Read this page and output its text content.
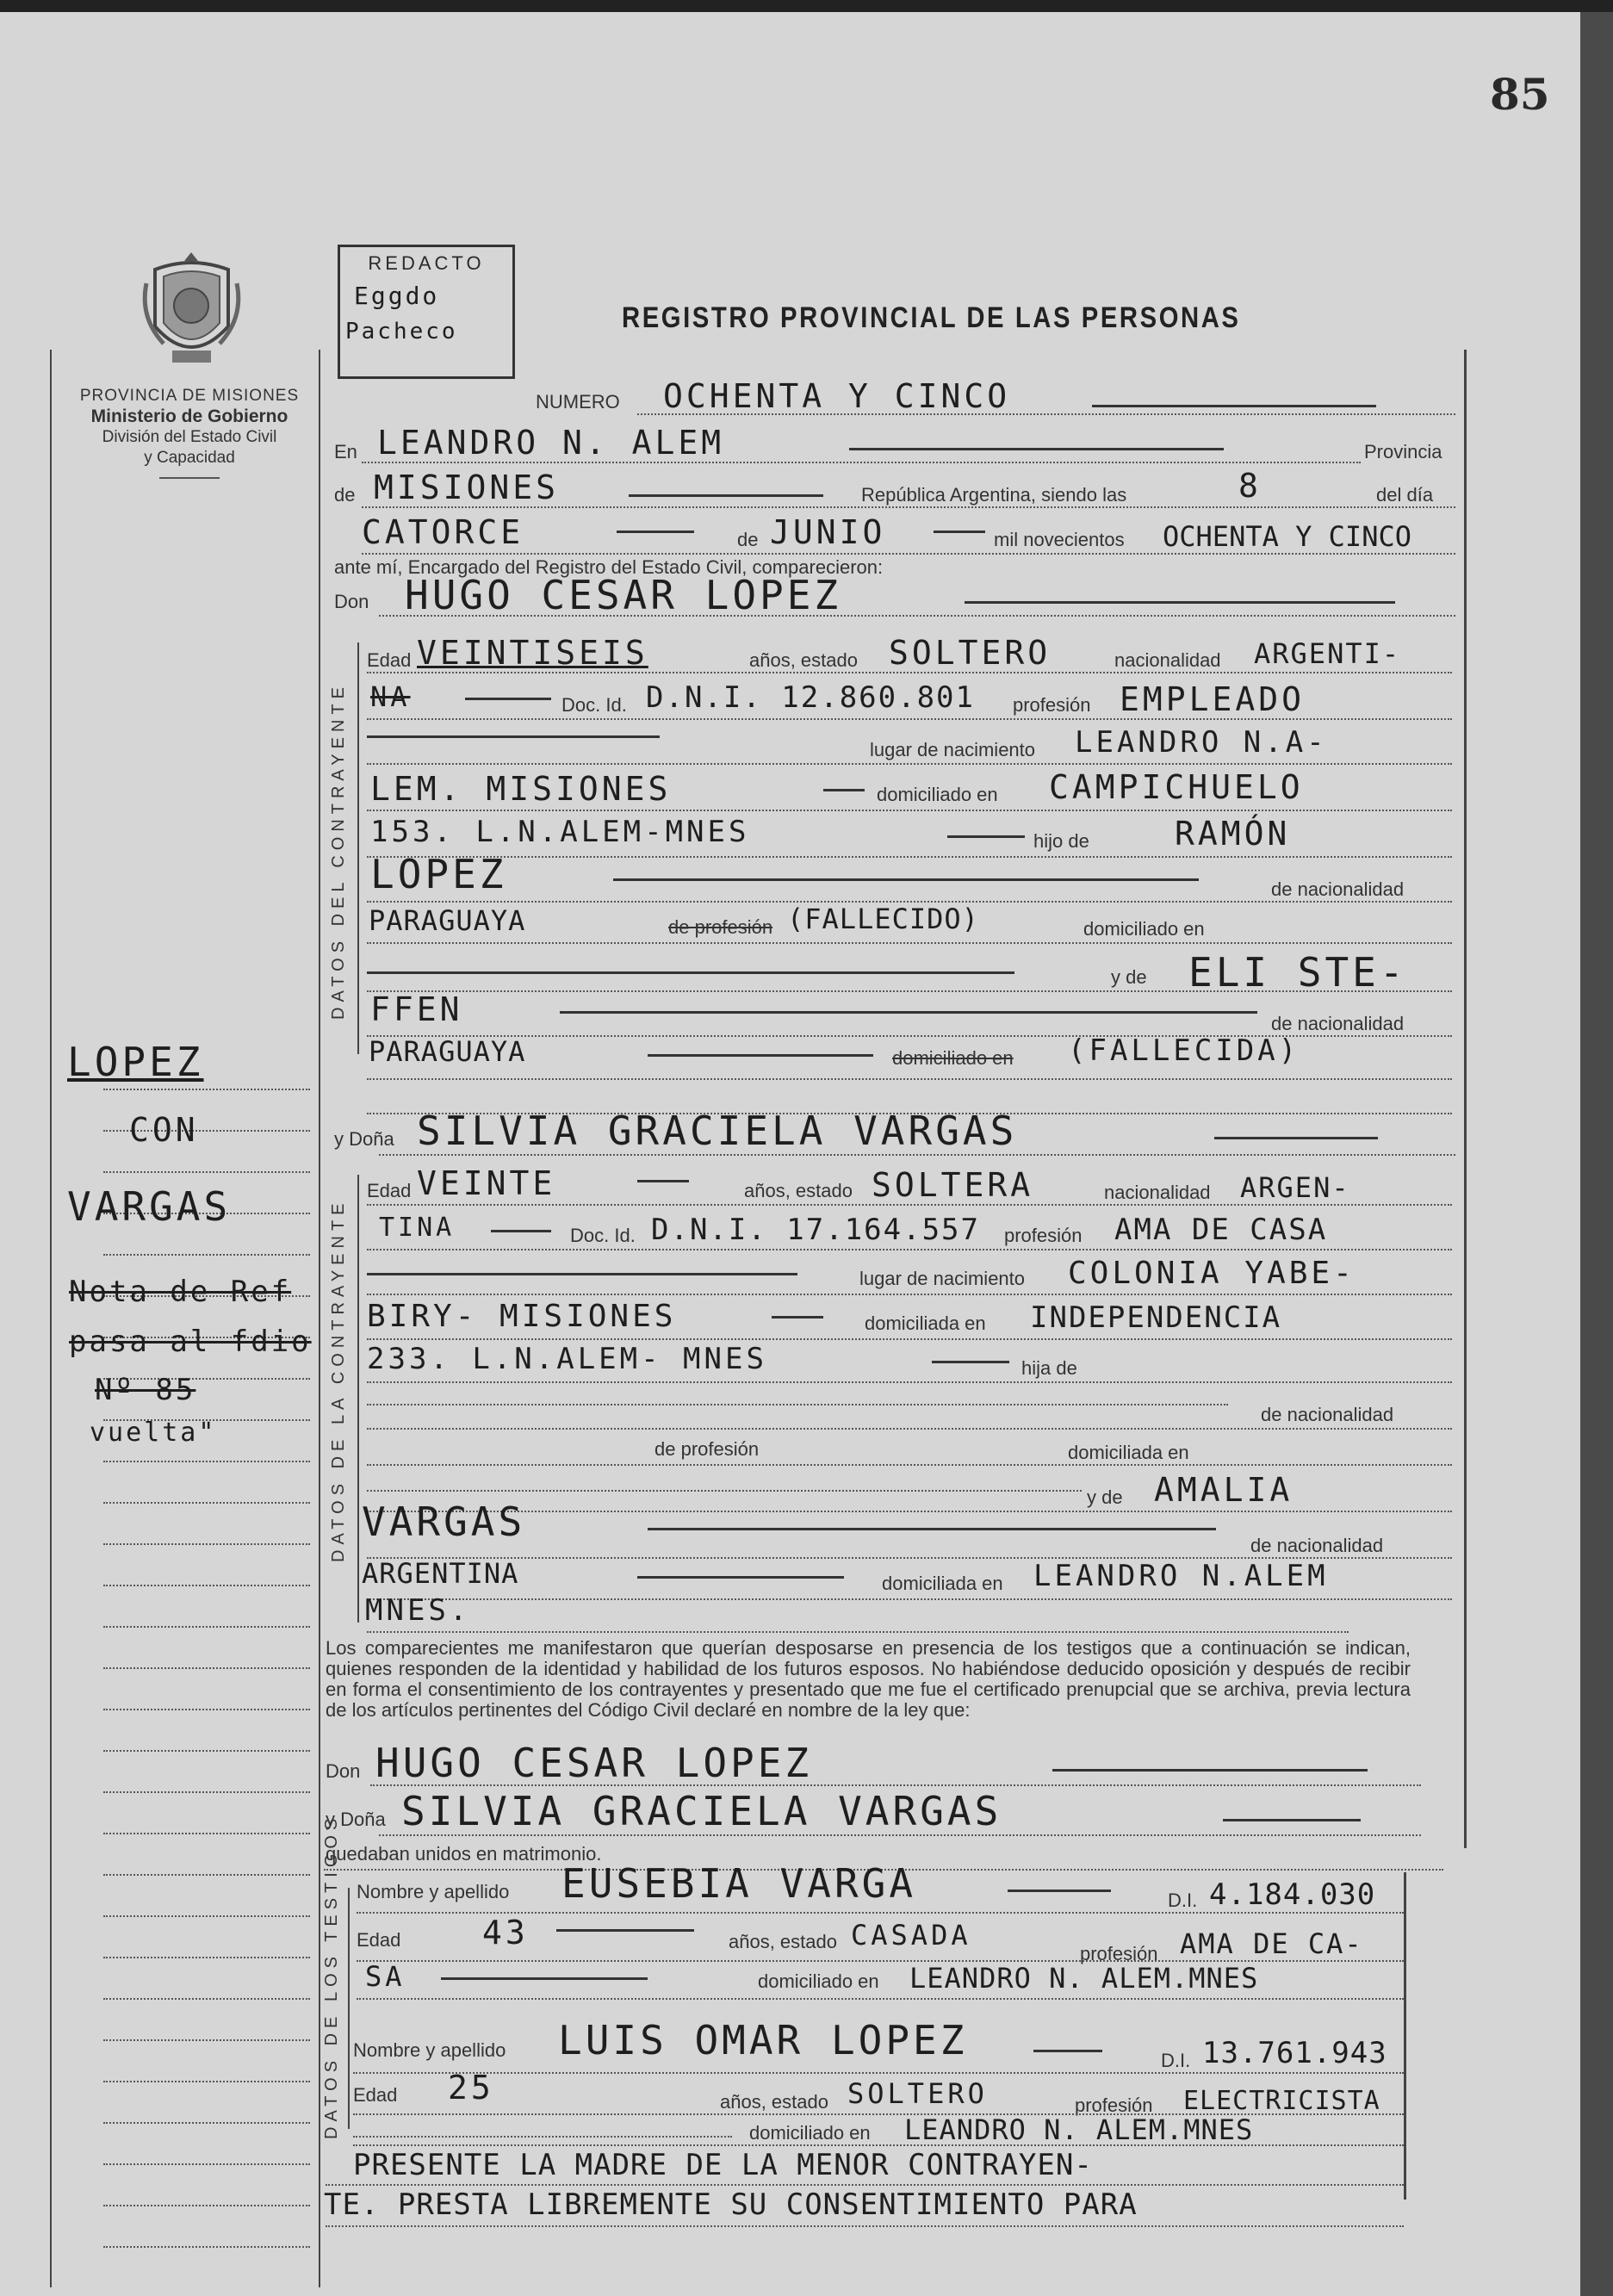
85
PROVINCIA DE MISIONES
Ministerio de Gobierno
División del Estado Civil
y Capacidad
REDACTO
Eggdo
Pacheco	REGISTRO PROVINCIAL DE LAS PERSONAS
LOPEZ
CON
VARGAS
Nota de Ref
pasa al fdio
Nº 85
vuelta"
NUMERO OCHENTA Y CINCO
En LEANDRO N. ALEM	Provincia
de MISIONES	República Argentina, siendo las	8	del día
CATORCE	de JUNIO	mil novecientos OCHENTA Y CINCO
ante mí, Encargado del Registro del Estado Civil, comparecieron:
Don HUGO CESAR LOPEZ
DATOS DEL CONTRAYENTE
Edad VEINTISEIS	años, estado SOLTERO	nacionalidad ARGENTI-
NA	Doc. Id. D.N.I. 12.860.801 profesión EMPLEADO
lugar de nacimiento LEANDRO N.A-
LEM. MISIONES	domiciliado en CAMPICHUELO
153. L.N.ALEM-MNES	hijo de	RAMÓN
LOPEZ	de nacionalidad
PARAGUAYA	de profesión (FALLECIDO)	domiciliado en
y de ELI STE-
FFEN	de nacionalidad
PARAGUAYA	domiciliado en (FALLECIDA)
y Doña SILVIA GRACIELA VARGAS
DATOS DE LA CONTRAYENTE
Edad VEINTE	años, estado SOLTERA	nacionalidad ARGEN-
TINA	Doc. Id. D.N.I. 17.164.557 profesión AMA DE CASA
lugar de nacimiento COLONIA YABE-
BIRY- MISIONES	domiciliada en INDEPENDENCIA
233. L.N.ALEM- MNES	hija de
de nacionalidad
de profesión	domiciliada en
y de AMALIA
VARGAS
de nacionalidad
ARGENTINA	domiciliada en LEANDRO N.ALEM
MNES.
Los comparecientes me manifestaron que querían desposarse en presencia de los testigos que a continuación se indican, quienes responden de la identidad y habilidad de los futuros esposos. No habiéndose deducido oposición y después de recibir en forma el consentimiento de los contrayentes y presentado que me fue el certificado prenupcial que se archiva, previa lectura de los artículos pertinentes del Código Civil declaré en nombre de la ley que:
Don HUGO CESAR LOPEZ
y Doña SILVIA GRACIELA VARGAS
quedaban unidos en matrimonio.
DATOS DE LOS TESTIGOS Nombre y apellido EUSEBIA VARGA	D.I. 4.184.030
Edad 43	años, estado CASADA
profesión AMA DE CA-
SA	domiciliado en LEANDRO N. ALEM.MNES
Nombre y apellido LUIS OMAR LOPEZ	D.I. 13.761.943
Edad 25	años, estado SOLTERO	profesión ELECTRICISTA
domiciliado en LEANDRO N. ALEM.MNES
PRESENTE LA MADRE DE LA MENOR CONTRAYEN-
TE. PRESTA LIBREMENTE SU CONSENTIMIENTO PARA
